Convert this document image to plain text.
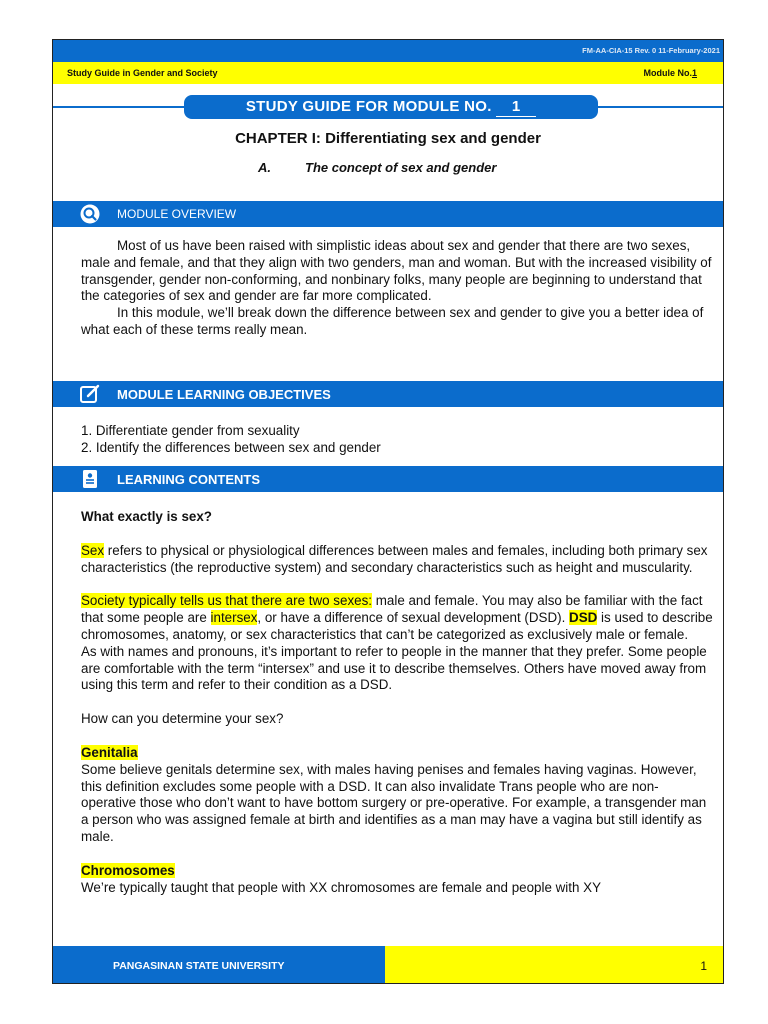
FM-AA-CIA-15 Rev. 0 11-February-2021
Study Guide in Gender and Society	Module No.1
STUDY GUIDE FOR MODULE NO. 1
CHAPTER I: Differentiating sex and gender
A.	The concept of sex and gender
MODULE OVERVIEW

Most of us have been raised with simplistic ideas about sex and gender that there are two sexes, male and female, and that they align with two genders, man and woman. But with the increased visibility of transgender, gender non-conforming, and nonbinary folks, many people are beginning to understand that the categories of sex and gender are far more complicated.

In this module, we’ll break down the difference between sex and gender to give you a better idea of what each of these terms really mean.

MODULE LEARNING OBJECTIVES

1. Differentiate gender from sexuality

2. Identify the differences between sex and gender

LEARNING CONTENTS

What exactly is sex?

Sex refers to physical or physiological differences between males and females, including both primary sex characteristics (the reproductive system) and secondary characteristics such as height and muscularity.

Society typically tells us that there are two sexes: male and female. You may also be familiar with the fact that some people are intersex, or have a difference of sexual development (DSD). DSD is used to describe chromosomes, anatomy, or sex characteristics that can’t be categorized as exclusively male or female.

As with names and pronouns, it’s important to refer to people in the manner that they prefer. Some people are comfortable with the term “intersex” and use it to describe themselves. Others have moved away from using this term and refer to their condition as a DSD.

How can you determine your sex?

Genitalia

Some believe genitals determine sex, with males having penises and females having vaginas. However, this definition excludes some people with a DSD. It can also invalidate Trans people who are non-operative those who don’t want to have bottom surgery or pre-operative. For example, a transgender man a person who was assigned female at birth and identifies as a man may have a vagina but still identify as male.

Chromosomes

We’re typically taught that people with XX chromosomes are female and people with XY

PANGASINAN STATE UNIVERSITY	1
